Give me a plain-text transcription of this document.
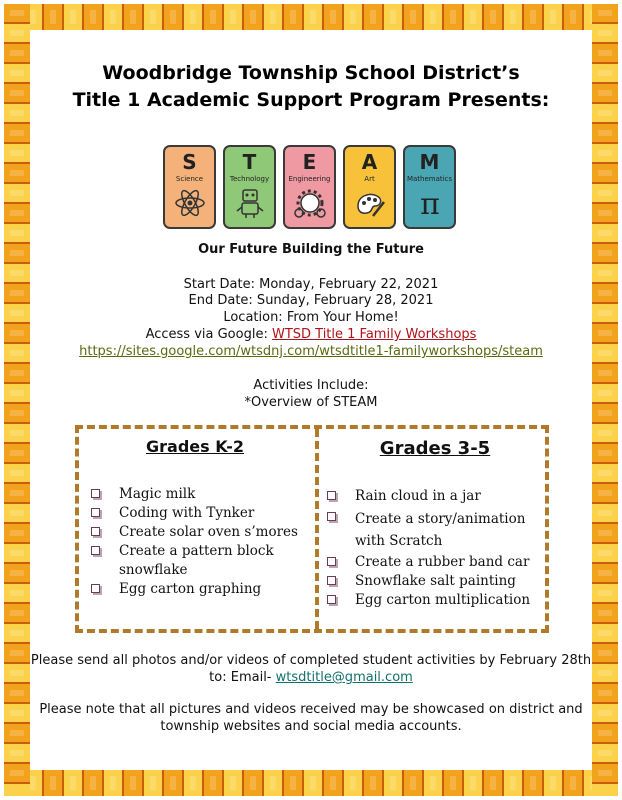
Woodbridge Township School District’s
Title 1 Academic Support Program Presents:
S
Science
T
Technology
E
Engineering
A
Art
M
Mathematics
π
Our Future Building the Future
Start Date: Monday, February 22, 2021
End Date: Sunday, February 28, 2021
Location: From Your Home!
Access via Google: WTSD Title 1 Family Workshops
https://sites.google.com/wtsdnj.com/wtsdtitle1-familyworkshops/steam
Activities Include:
*Overview of STEAM
Grades K-2
Magic milk
Coding with Tynker
Create solar oven s’mores
Create a pattern block snowflake
Egg carton graphing
Grades 3-5
Rain cloud in a jar
Create a story/animation with Scratch
Create a rubber band car
Snowflake salt painting
Egg carton multiplication
Please send all photos and/or videos of completed student activities by February 28th to: Email- wtsdtitle@gmail.com
Please note that all pictures and videos received may be showcased on district and township websites and social media accounts.
